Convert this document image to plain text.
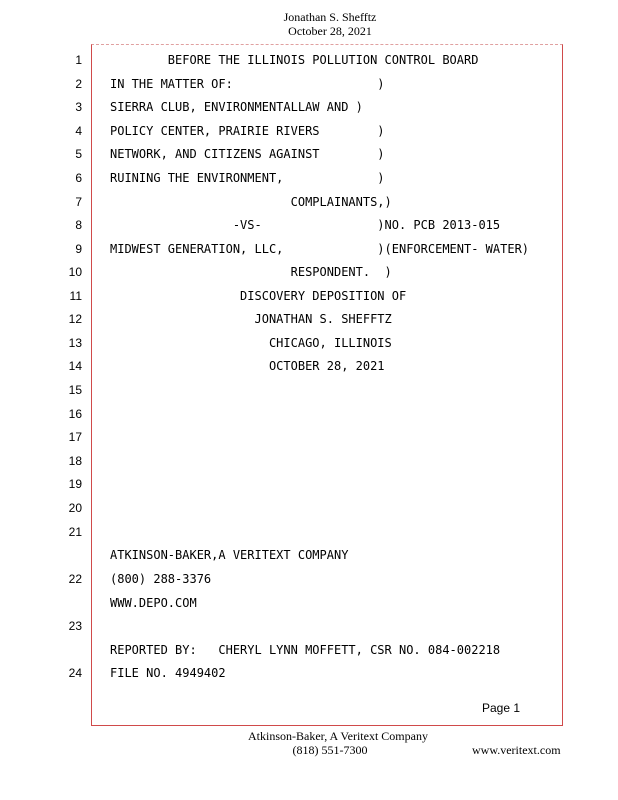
Jonathan S. Shefftz
October 28, 2021
1 BEFORE THE ILLINOIS POLLUTION CONTROL BOARD
2 IN THE MATTER OF:                    )
3 SIERRA CLUB, ENVIRONMENTALLAW AND )
4 POLICY CENTER, PRAIRIE RIVERS        )
5 NETWORK, AND CITIZENS AGAINST        )
6 RUINING THE ENVIRONMENT,             )
7 COMPLAINANTS,)
8 -VS-                )NO. PCB 2013-015
9 MIDWEST GENERATION, LLC,             )(ENFORCEMENT- WATER)
10 RESPONDENT.  )
11 DISCOVERY DEPOSITION OF
12 JONATHAN S. SHEFFTZ
13 CHICAGO, ILLINOIS
14 OCTOBER 28, 2021
15
16
17
18
19
20
21
ATKINSON-BAKER,A VERITEXT COMPANY
22 (800) 288-3376
WWW.DEPO.COM
23
REPORTED BY:   CHERYL LYNN MOFFETT, CSR NO. 084-002218
24 FILE NO. 4949402
Page 1
Atkinson-Baker, A Veritext Company
(818) 551-7300	www.veritext.com
